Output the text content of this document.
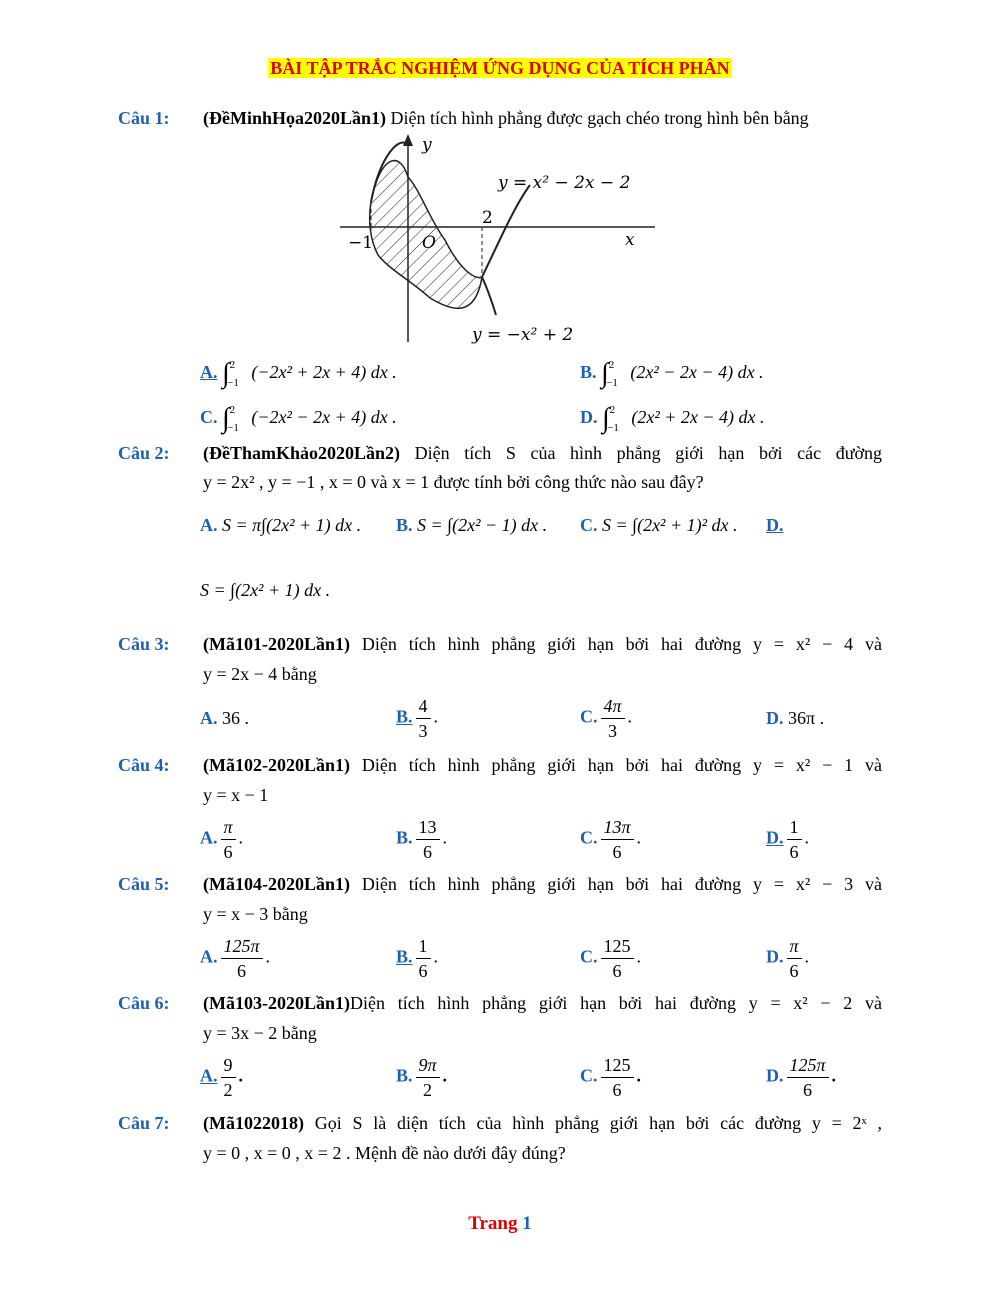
BÀI TẬP TRẮC NGHIỆM ỨNG DỤNG CỦA TÍCH PHÂN
Câu 1: (ĐềMinhHọa2020Lần1) Diện tích hình phẳng được gạch chéo trong hình bên bằng
y
x
O
−1
2
y = x² − 2x − 2
y = −x² + 2
A. ∫$^2_{-1}$ (−2x² + 2x + 4) dx .	B. ∫$^2_{-1}$ (2x² − 2x − 4) dx .
C. ∫$^2_{-1}$ (−2x² − 2x + 4) dx .	D. ∫$^2_{-1}$ (2x² + 2x − 4) dx .
Câu 2: (ĐềThamKhảo2020Lần2) Diện tích S của hình phẳng giới hạn bởi các đường
y = 2x² , y = −1 , x = 0 và x = 1 được tính bởi công thức nào sau đây?
A. S = π∫(2x² + 1) dx . B. S = ∫(2x² − 1) dx . C. S = ∫(2x² + 1)² dx . D.
S = ∫(2x² + 1) dx .
Câu 3: (Mã101-2020Lần1) Diện tích hình phẳng giới hạn bởi hai đường y = x² − 4 và
y = 2x − 4 bằng
A. 36 .	B. $\frac{4}{3}$ .	C. $\frac{4\pi}{3}$ .	D. 36π .
Câu 4: (Mã102-2020Lần1) Diện tích hình phẳng giới hạn bởi hai đường y = x² − 1 và
y = x − 1
A. $\frac{\pi}{6}$ .	B. $\frac{13}{6}$ .	C. $\frac{13\pi}{6}$ .	D. $\frac{1}{6}$ .
Câu 5: (Mã104-2020Lần1) Diện tích hình phẳng giới hạn bởi hai đường y = x² − 3 và
y = x − 3 bằng
A. $\frac{125\pi}{6}$ .	B. $\frac{1}{6}$ .	C. $\frac{125}{6}$ .	D. $\frac{\pi}{6}$ .
Câu 6: (Mã103-2020Lần1)Diện tích hình phẳng giới hạn bởi hai đường y = x² − 2 và
y = 3x − 2 bằng
A. $\frac{9}{2}$ .	B. $\frac{9\pi}{2}$ .	C. $\frac{125}{6}$ .	D. $\frac{125\pi}{6}$ .
Câu 7: (Mã1022018) Gọi S là diện tích của hình phẳng giới hạn bởi các đường y = 2ˣ ,
y = 0 , x = 0 , x = 2 . Mệnh đề nào dưới đây đúng?
Trang 1
